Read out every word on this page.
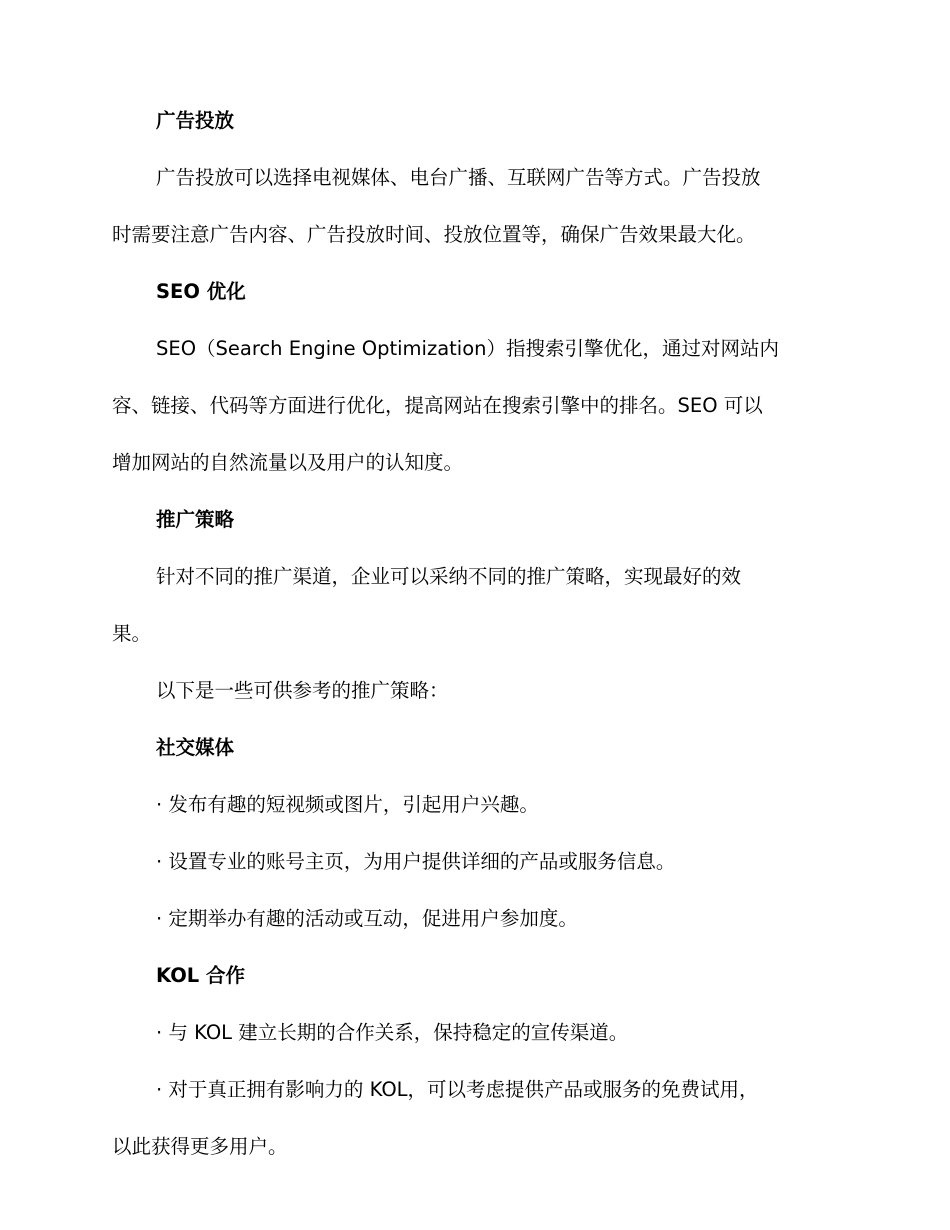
广告投放
广告投放可以选择电视媒体、电台广播、互联网广告等方式。广告投放
时需要注意广告内容、广告投放时间、投放位置等，确保广告效果最大化。
SEO 优化
SEO（Search Engine Optimization）指搜索引擎优化，通过对网站内
容、链接、代码等方面进行优化，提高网站在搜索引擎中的排名。SEO 可以
增加网站的自然流量以及用户的认知度。
推广策略
针对不同的推广渠道，企业可以采纳不同的推广策略，实现最好的效
果。
以下是一些可供参考的推广策略：
社交媒体
· 发布有趣的短视频或图片，引起用户兴趣。
· 设置专业的账号主页，为用户提供详细的产品或服务信息。
· 定期举办有趣的活动或互动，促进用户参加度。
KOL 合作
· 与 KOL 建立长期的合作关系，保持稳定的宣传渠道。
· 对于真正拥有影响力的 KOL，可以考虑提供产品或服务的免费试用，
以此获得更多用户。
